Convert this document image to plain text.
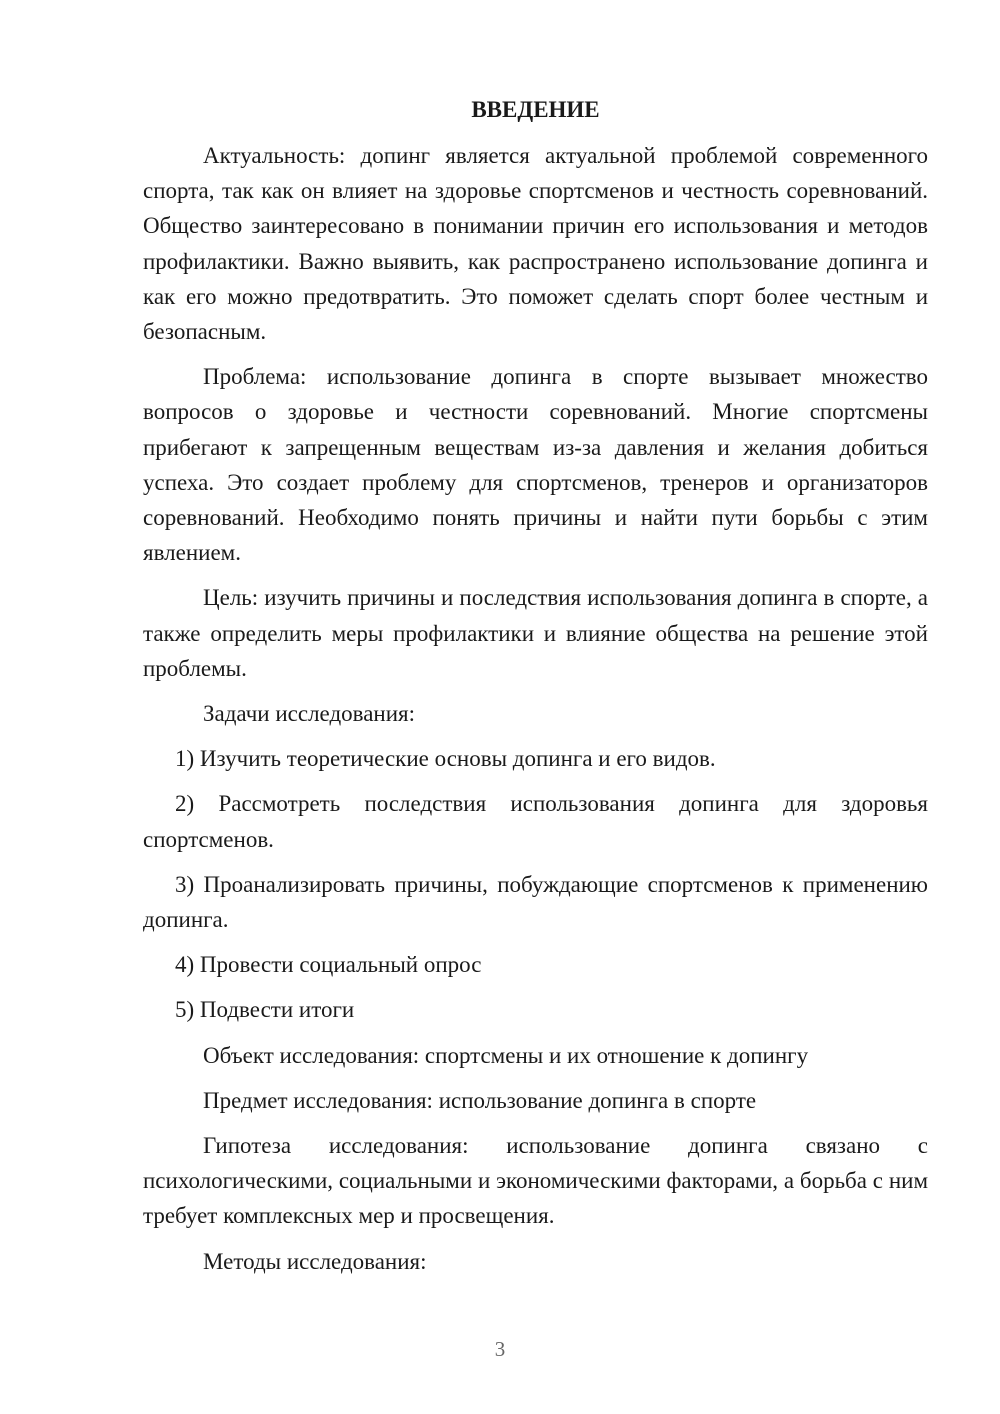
ВВЕДЕНИЕ

Актуальность: допинг является актуальной проблемой современного спорта, так как он влияет на здоровье спортсменов и честность соревнований. Общество заинтересовано в понимании причин его использования и методов профилактики. Важно выявить, как распространено использование допинга и как его можно предотвратить. Это поможет сделать спорт более честным и безопасным.

Проблема: использование допинга в спорте вызывает множество вопросов о здоровье и честности соревнований. Многие спортсмены прибегают к запрещенным веществам из-за давления и желания добиться успеха. Это создает проблему для спортсменов, тренеров и организаторов соревнований. Необходимо понять причины и найти пути борьбы с этим явлением.

Цель: изучить причины и последствия использования допинга в спорте, а также определить меры профилактики и влияние общества на решение этой проблемы.

Задачи исследования:

1) Изучить теоретические основы допинга и его видов.

2) Рассмотреть последствия использования допинга для здоровья спортсменов.

3) Проанализировать причины, побуждающие спортсменов к применению допинга.

4) Провести социальный опрос

5) Подвести итоги

Объект исследования: спортсмены и их отношение к допингу

Предмет исследования: использование допинга в спорте

Гипотеза исследования: использование допинга связано с психологическими, социальными и экономическими факторами, а борьба с ним требует комплексных мер и просвещения.

Методы исследования:

3
